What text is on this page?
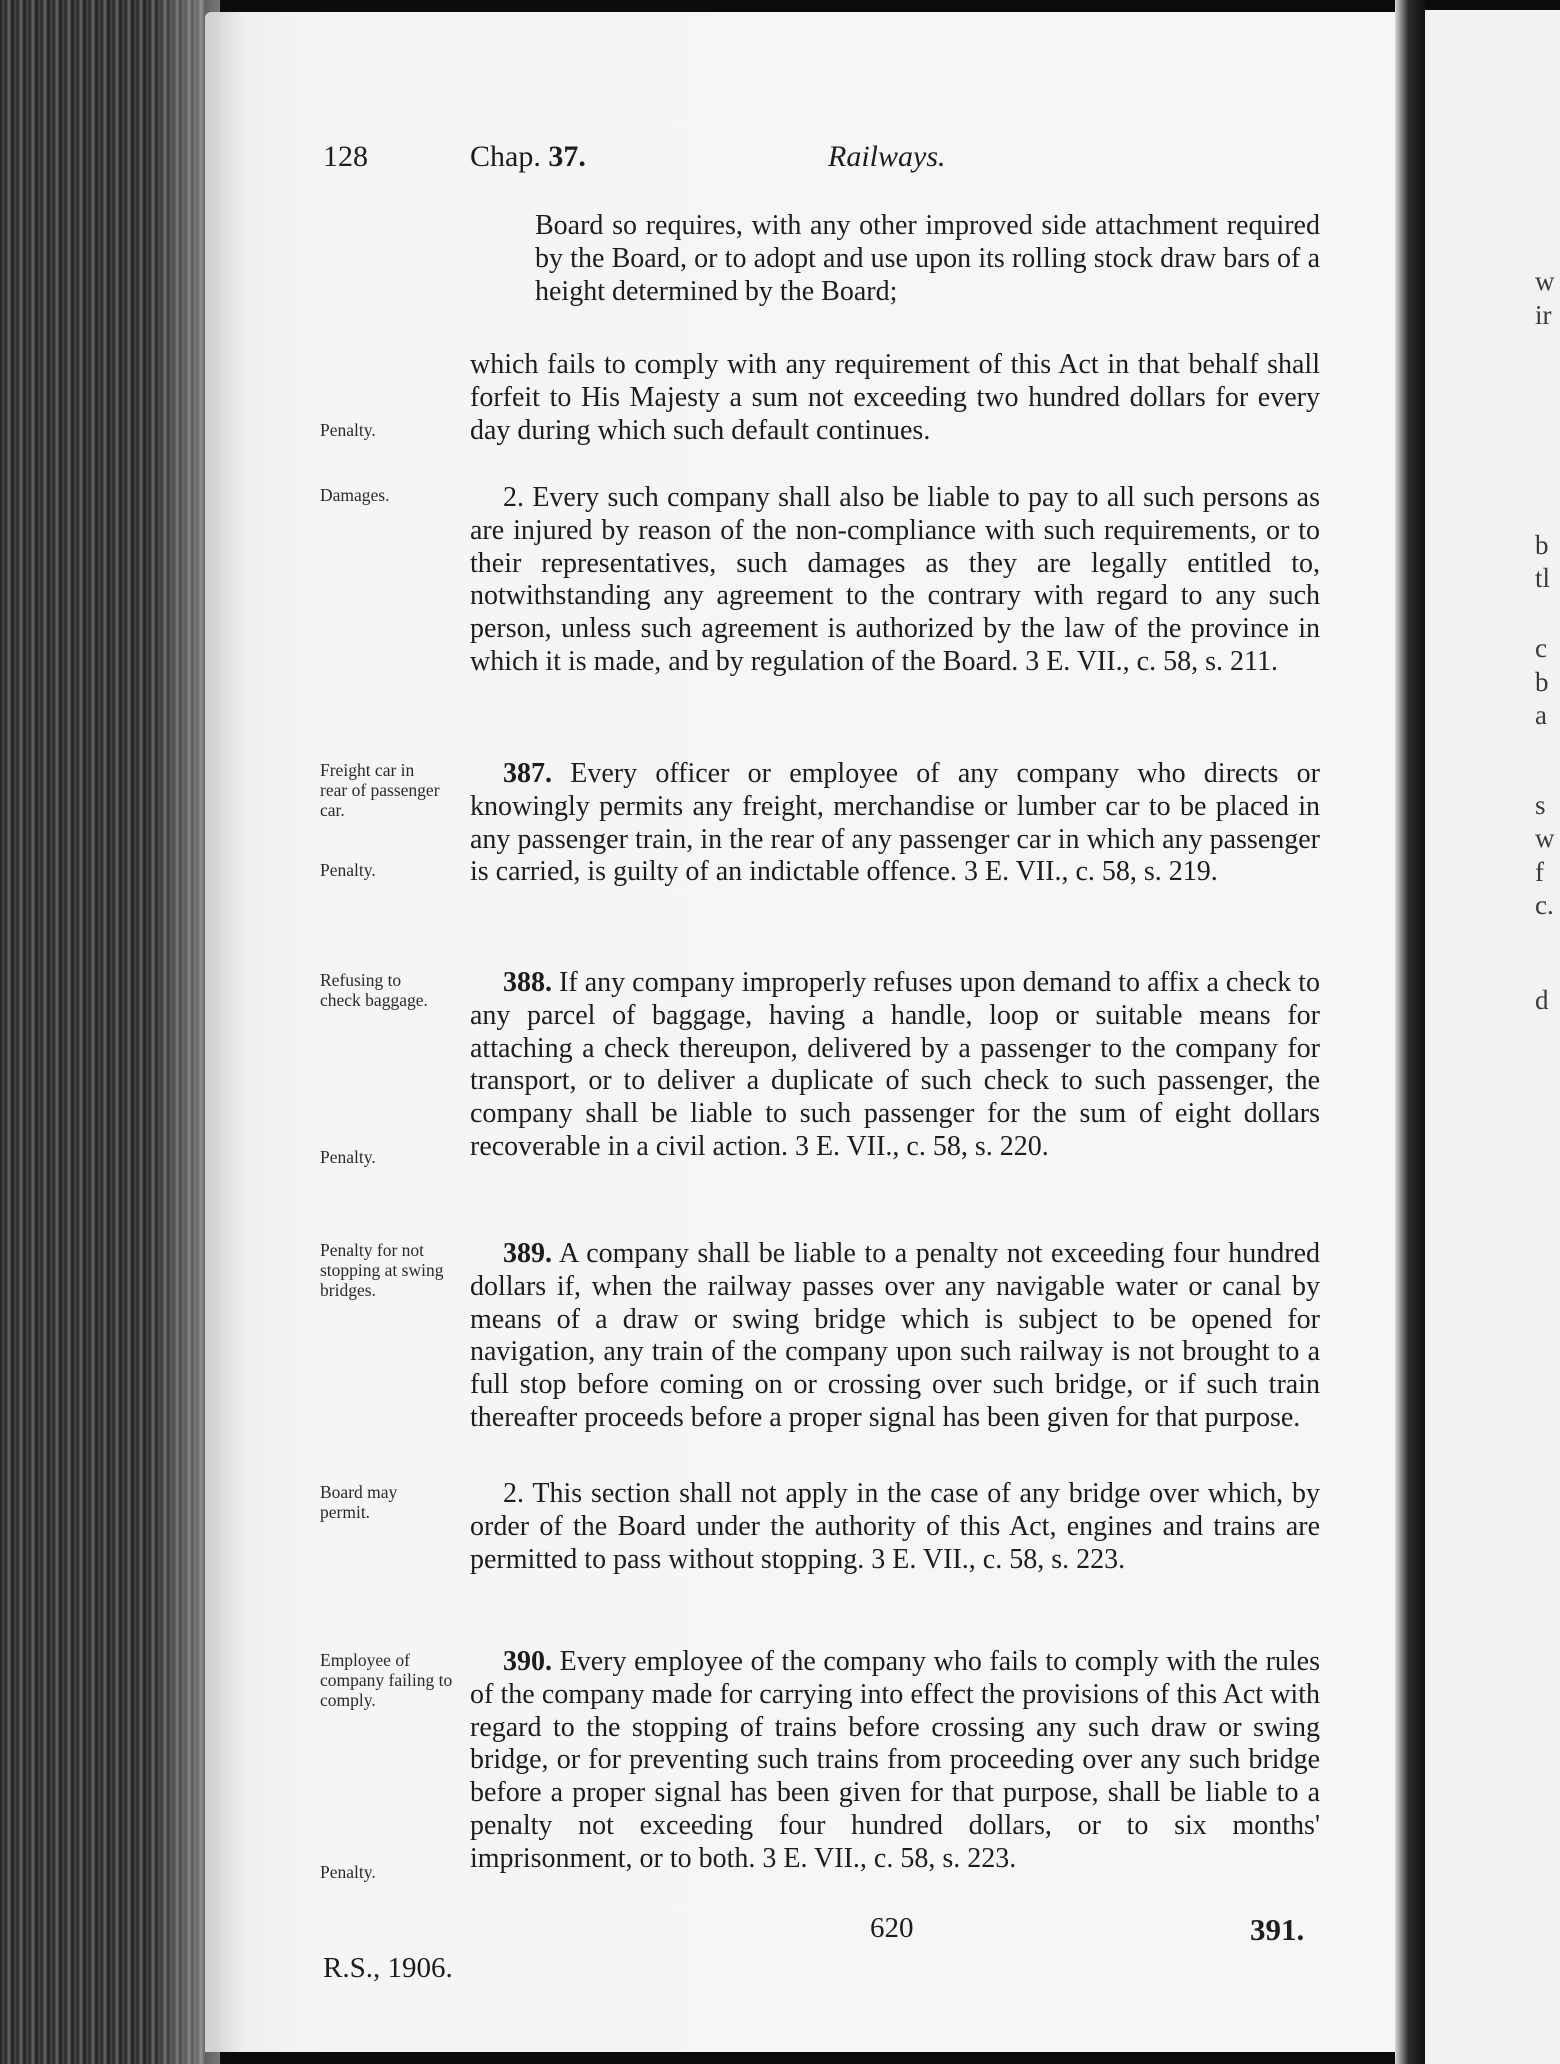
w
ir
b
tl
c
b
a
s
w
f
c.
d
128	Chap. 37.	Railways.
Penalty.
Damages.
Freight car in rear of passenger car.
Penalty.
Refusing to check baggage.
Penalty.
Penalty for not stopping at swing bridges.
Board may permit.
Employee of company failing to comply.
Penalty.
Board so requires, with any other improved side attachment required by the Board, or to adopt and use upon its rolling stock draw bars of a height determined by the Board;
which fails to comply with any requirement of this Act in that behalf shall forfeit to His Majesty a sum not exceeding two hundred dollars for every day during which such default continues.
2. Every such company shall also be liable to pay to all such persons as are injured by reason of the non-compliance with such requirements, or to their representatives, such damages as they are legally entitled to, notwithstanding any agreement to the contrary with regard to any such person, unless such agreement is authorized by the law of the province in which it is made, and by regulation of the Board. 3 E. VII., c. 58, s. 211.
387. Every officer or employee of any company who directs or knowingly permits any freight, merchandise or lumber car to be placed in any passenger train, in the rear of any passenger car in which any passenger is carried, is guilty of an indictable offence. 3 E. VII., c. 58, s. 219.
388. If any company improperly refuses upon demand to affix a check to any parcel of baggage, having a handle, loop or suitable means for attaching a check thereupon, delivered by a passenger to the company for transport, or to deliver a duplicate of such check to such passenger, the company shall be liable to such passenger for the sum of eight dollars recoverable in a civil action. 3 E. VII., c. 58, s. 220.
389. A company shall be liable to a penalty not exceeding four hundred dollars if, when the railway passes over any navigable water or canal by means of a draw or swing bridge which is subject to be opened for navigation, any train of the company upon such railway is not brought to a full stop before coming on or crossing over such bridge, or if such train thereafter proceeds before a proper signal has been given for that purpose.
2. This section shall not apply in the case of any bridge over which, by order of the Board under the authority of this Act, engines and trains are permitted to pass without stopping. 3 E. VII., c. 58, s. 223.
390. Every employee of the company who fails to comply with the rules of the company made for carrying into effect the provisions of this Act with regard to the stopping of trains before crossing any such draw or swing bridge, or for preventing such trains from proceeding over any such bridge before a proper signal has been given for that purpose, shall be liable to a penalty not exceeding four hundred dollars, or to six months' imprisonment, or to both. 3 E. VII., c. 58, s. 223.
R.S., 1906.
620	391.
